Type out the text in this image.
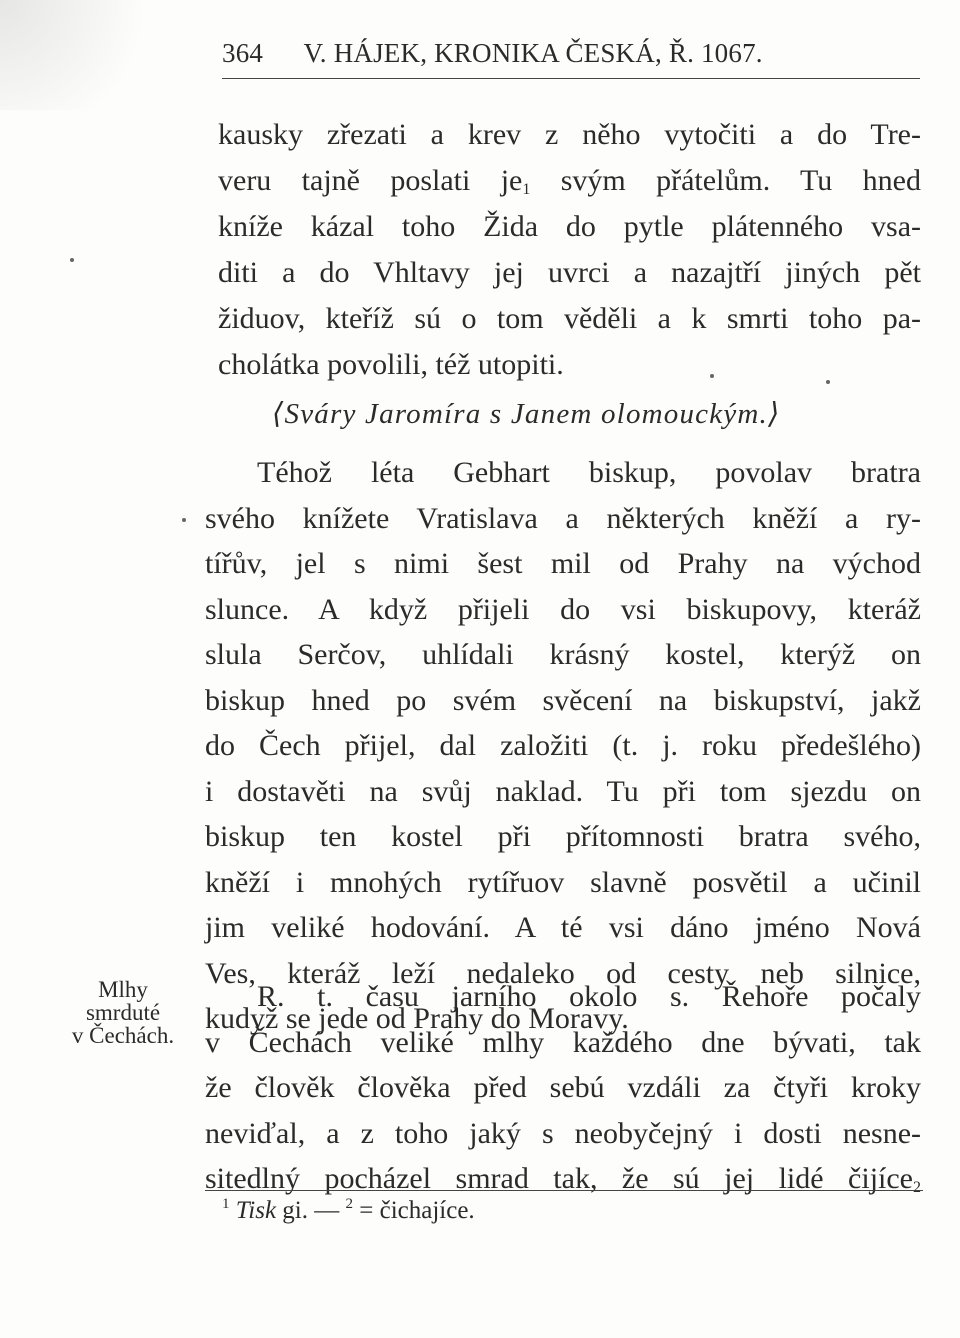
364 V. HÁJEK, KRONIKA ČESKÁ, Ř. 1067.
kausky zřezati a krev z něho vytočiti a do Tre-
veru tajně poslati $je_1$ svým přátelům. Tu hned
kníže kázal toho Žida do pytle plátenného vsa-
diti a do Vhltavy jej uvrci a nazajtří jiných pět
židuov, kteříž sú o tom věděli a k smrti toho pa-
cholátka povolili, též utopiti.
⟨Sváry Jaromíra s Janem olomouckým.⟩
Téhož léta Gebhart biskup, povolav bratra
svého knížete Vratislava a některých kněží a ry-
tířův, jel s nimi šest mil od Prahy na východ
slunce. A když přijeli do vsi biskupovy, kteráž
slula Serčov, uhlídali krásný kostel, kterýž on
biskup hned po svém svěcení na biskupství, jakž
do Čech přijel, dal založiti (t. j. roku předešlého)
i dostavěti na svůj naklad. Tu při tom sjezdu on
biskup ten kostel při přítomnosti bratra svého,
kněží i mnohých rytířuov slavně posvětil a učinil
jim veliké hodování. A té vsi dáno jméno Nová
Ves, kteráž leží nedaleko od cesty neb silnice,
kudyž se jede od Prahy do Moravy.
Mlhy
smrduté
v Čechách.
R. t. času jarního okolo s. Řehoře počaly
v Čechách veliké mlhy každého dne bývati, tak
že člověk člověka před sebú vzdáli za čtyři kroky
neviďal, a z toho jaký s neobyčejný i dosti nesne-
sitedlný pocházel smrad tak, že sú jej lidé čijíce$_2$
$^1$ Tisk gi. — $^2$ = čichajíce.
